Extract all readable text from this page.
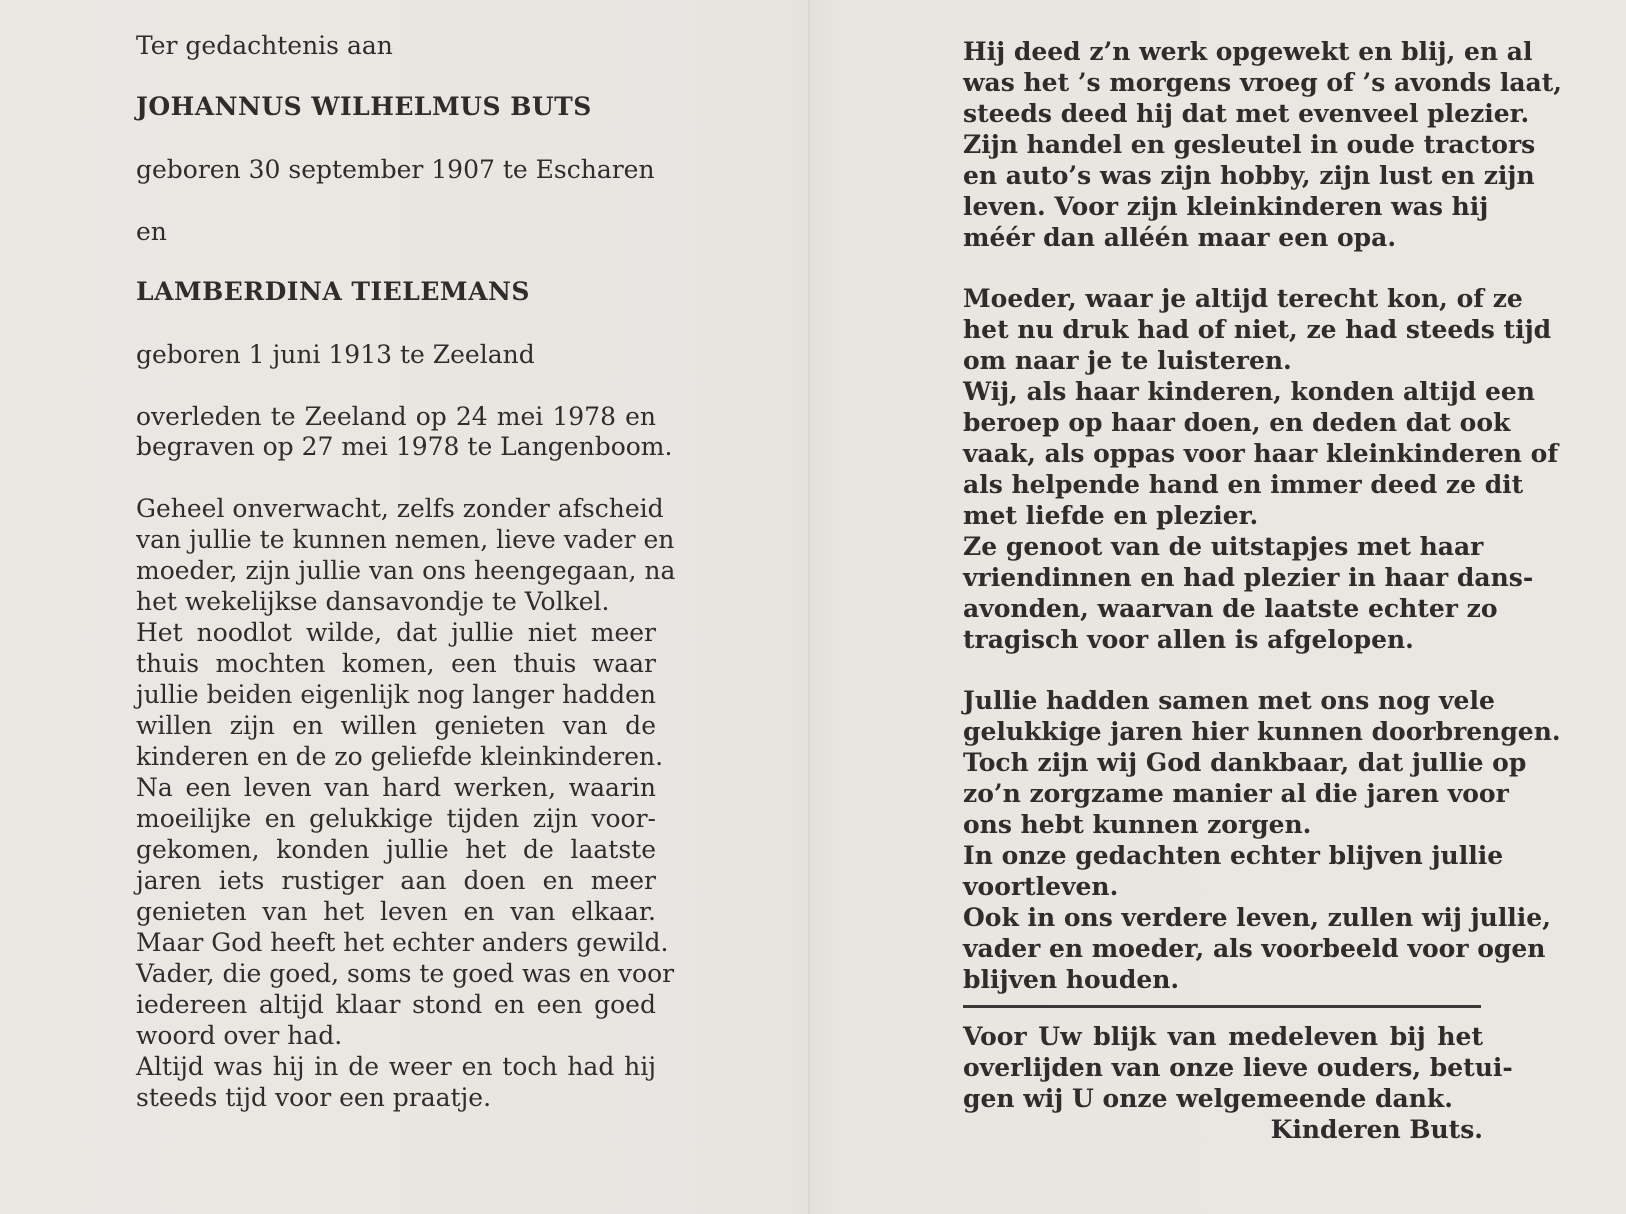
Ter gedachtenis aan
JOHANNUS WILHELMUS BUTS
geboren 30 september 1907 te Escharen
en
LAMBERDINA TIELEMANS
geboren 1 juni 1913 te Zeeland
overleden te Zeeland op 24 mei 1978 en
begraven op 27 mei 1978 te Langenboom.
Geheel onverwacht, zelfs zonder afscheid
van jullie te kunnen nemen, lieve vader en
moeder, zijn jullie van ons heengegaan, na
het wekelijkse dansavondje te Volkel.
Het noodlot wilde, dat jullie niet meer
thuis mochten komen, een thuis waar
jullie beiden eigenlijk nog langer hadden
willen zijn en willen genieten van de
kinderen en de zo geliefde kleinkinderen.
Na een leven van hard werken, waarin
moeilijke en gelukkige tijden zijn voor-
gekomen, konden jullie het de laatste
jaren iets rustiger aan doen en meer
genieten van het leven en van elkaar.
Maar God heeft het echter anders gewild.
Vader, die goed, soms te goed was en voor
iedereen altijd klaar stond en een goed
woord over had.
Altijd was hij in de weer en toch had hij
steeds tijd voor een praatje.
Hij deed z’n werk opgewekt en blij, en al
was het ’s morgens vroeg of ’s avonds laat,
steeds deed hij dat met evenveel plezier.
Zijn handel en gesleutel in oude tractors
en auto’s was zijn hobby, zijn lust en zijn
leven. Voor zijn kleinkinderen was hij
méér dan alléén maar een opa.
Moeder, waar je altijd terecht kon, of ze
het nu druk had of niet, ze had steeds tijd
om naar je te luisteren.
Wij, als haar kinderen, konden altijd een
beroep op haar doen, en deden dat ook
vaak, als oppas voor haar kleinkinderen of
als helpende hand en immer deed ze dit
met liefde en plezier.
Ze genoot van de uitstapjes met haar
vriendinnen en had plezier in haar dans-
avonden, waarvan de laatste echter zo
tragisch voor allen is afgelopen.
Jullie hadden samen met ons nog vele
gelukkige jaren hier kunnen doorbrengen.
Toch zijn wij God dankbaar, dat jullie op
zo’n zorgzame manier al die jaren voor
ons hebt kunnen zorgen.
In onze gedachten echter blijven jullie
voortleven.
Ook in ons verdere leven, zullen wij jullie,
vader en moeder, als voorbeeld voor ogen
blijven houden.
Voor Uw blijk van medeleven bij het
overlijden van onze lieve ouders, betui-
gen wij U onze welgemeende dank.
Kinderen Buts.
